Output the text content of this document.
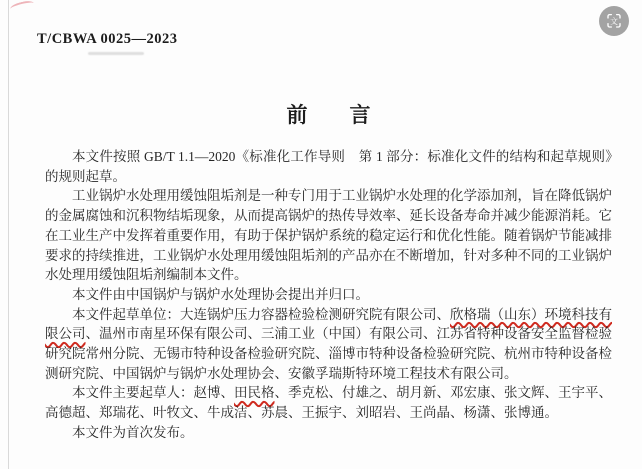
T/CBWA 0025—2023
文
前　　言

本文件按照 GB/T 1.1—2020《标准化工作导则　第 1 部分：标准化文件的结构和起草规则》的规则起草。

工业锅炉水处理用缓蚀阻垢剂是一种专门用于工业锅炉水处理的化学添加剂，旨在降低锅炉的金属腐蚀和沉积物结垢现象，从而提高锅炉的热传导效率、延长设备寿命并减少能源消耗。它在工业生产中发挥着重要作用，有助于保护锅炉系统的稳定运行和优化性能。随着锅炉节能减排要求的持续推进，工业锅炉水处理用缓蚀阻垢剂的产品亦在不断增加，针对多种不同的工业锅炉水处理用缓蚀阻垢剂编制本文件。

本文件由中国锅炉与锅炉水处理协会提出并归口。

本文件起草单位：大连锅炉压力容器检验检测研究院有限公司、欣格瑞（山东）环境科技有限公司、温州市南星环保有限公司、三浦工业（中国）有限公司、江苏省特种设备安全监督检验研究院常州分院、无锡市特种设备检验研究院、淄博市特种设备检验研究院、杭州市特种设备检测研究院、中国锅炉与锅炉水处理协会、安徽孚瑞斯特环境工程技术有限公司。

本文件主要起草人：赵博、田民格、季克松、付雄之、胡月新、邓宏康、张文辉、王宇平、高德超、郑瑞花、叶牧文、牛成洁、苏晨、王振宇、刘昭岩、王尚晶、杨潇、张博通。

本文件为首次发布。
